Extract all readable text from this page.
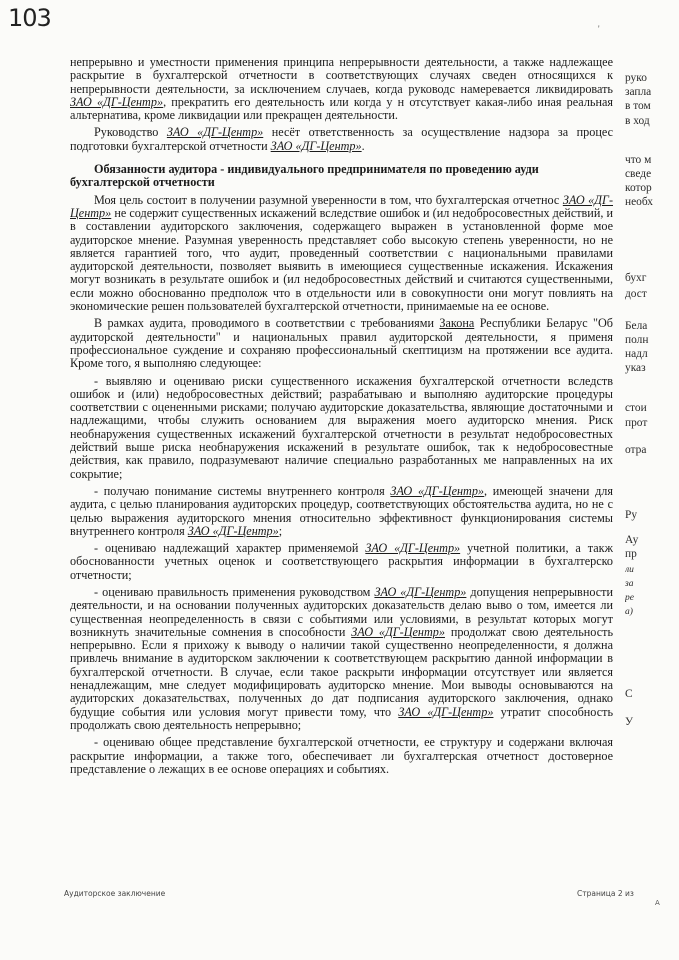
103	'

непрерывно и уместности применения принципа непрерывности деятельности, а также надлежащее раскрытие в бухгалтерской отчетности в соответствующих случаях сведен относящихся к непрерывности деятельности, за исключением случаев, когда руководс намеревается ликвидировать ЗАО «ДГ-Центр», прекратить его деятельность или когда у н отсутствует какая-либо иная реальная альтернатива, кроме ликвидации или прекращен деятельности.

Руководство ЗАО «ДГ-Центр» несёт ответственность за осуществление надзора за процес подготовки бухгалтерской отчетности ЗАО «ДГ-Центр».

Обязанности аудитора - индивидуального предпринимателя по проведению ауди бухгалтерской отчетности

Моя цель состоит в получении разумной уверенности в том, что бухгалтерская отчетнос ЗАО «ДГ-Центр» не содержит существенных искажений вследствие ошибок и (ил недобросовестных действий, и в составлении аудиторского заключения, содержащего выражен в установленной форме мое аудиторское мнение. Разумная уверенность представляет собо высокую степень уверенности, но не является гарантией того, что аудит, проведенный соответствии с национальными правилами аудиторской деятельности, позволяет выявить в имеющиеся существенные искажения. Искажения могут возникать в результате ошибок и (ил недобросовестных действий и считаются существенными, если можно обоснованно предполож что в отдельности или в совокупности они могут повлиять на экономические решен пользователей бухгалтерской отчетности, принимаемые на ее основе.

В рамках аудита, проводимого в соответствии с требованиями Закона Республики Беларус "Об аудиторской деятельности" и национальных правил аудиторской деятельности, я применя профессиональное суждение и сохраняю профессиональный скептицизм на протяжении все аудита. Кроме того, я выполняю следующее:

- выявляю и оцениваю риски существенного искажения бухгалтерской отчетности вследств ошибок и (или) недобросовестных действий; разрабатываю и выполняю аудиторские процедуры соответствии с оцененными рисками; получаю аудиторские доказательства, являющие достаточными и надлежащими, чтобы служить основанием для выражения моего аудиторско мнения. Риск необнаружения существенных искажений бухгалтерской отчетности в результат недобросовестных действий выше риска необнаружения искажений в результате ошибок, так к недобросовестные действия, как правило, подразумевают наличие специально разработанных ме направленных на их сокрытие;

- получаю понимание системы внутреннего контроля ЗАО «ДГ-Центр», имеющей значени для аудита, с целью планирования аудиторских процедур, соответствующих обстоятельства аудита, но не с целью выражения аудиторского мнения относительно эффективност функционирования системы внутреннего контроля ЗАО «ДГ-Центр»;

- оцениваю надлежащий характер применяемой ЗАО «ДГ-Центр» учетной политики, а такж обоснованности учетных оценок и соответствующего раскрытия информации в бухгалтерско отчетности;

- оцениваю правильность применения руководством ЗАО «ДГ-Центр» допущения непрерывности деятельности, и на основании полученных аудиторских доказательств делаю выво о том, имеется ли существенная неопределенность в связи с событиями или условиями, в результат которых могут возникнуть значительные сомнения в способности ЗАО «ДГ-Центр» продолжат свою деятельность непрерывно. Если я прихожу к выводу о наличии такой существенно неопределенности, я должна привлечь внимание в аудиторском заключении к соответствующем раскрытию данной информации в бухгалтерской отчетности. В случае, если такое раскрыти информации отсутствует или является ненадлежащим, мне следует модифицировать аудиторско мнение. Мои выводы основываются на аудиторских доказательствах, полученных до дат подписания аудиторского заключения, однако будущие события или условия могут привести тому, что ЗАО «ДГ-Центр» утратит способность продолжать свою деятельность непрерывно;

- оцениваю общее представление бухгалтерской отчетности, ее структуру и содержани включая раскрытие информации, а также того, обеспечивает ли бухгалтерская отчетност достоверное представление о лежащих в ее основе операциях и событиях.

руко
запла
в том
в ход
что м
сведе
котор
необх
бухг
дост
Бела
полн
надл
указ
стои
прот
отра
Ру
Ау
пр
ли
за
ре
а)
С
У
Аудиторское заключение	Страница 2 из
А
